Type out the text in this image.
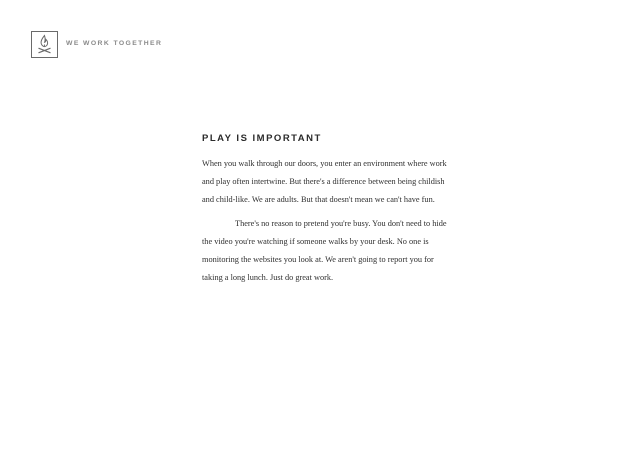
WE WORK TOGETHER
PLAY IS IMPORTANT

When you walk through our doors, you enter an environment where work and play often intertwine. But there's a difference between being childish and child-like. We are adults. But that doesn't mean we can't have fun.

There's no reason to pretend you're busy. You don't need to hide the video you're watching if someone walks by your desk. No one is monitoring the websites you look at. We aren't going to report you for taking a long lunch. Just do great work.
